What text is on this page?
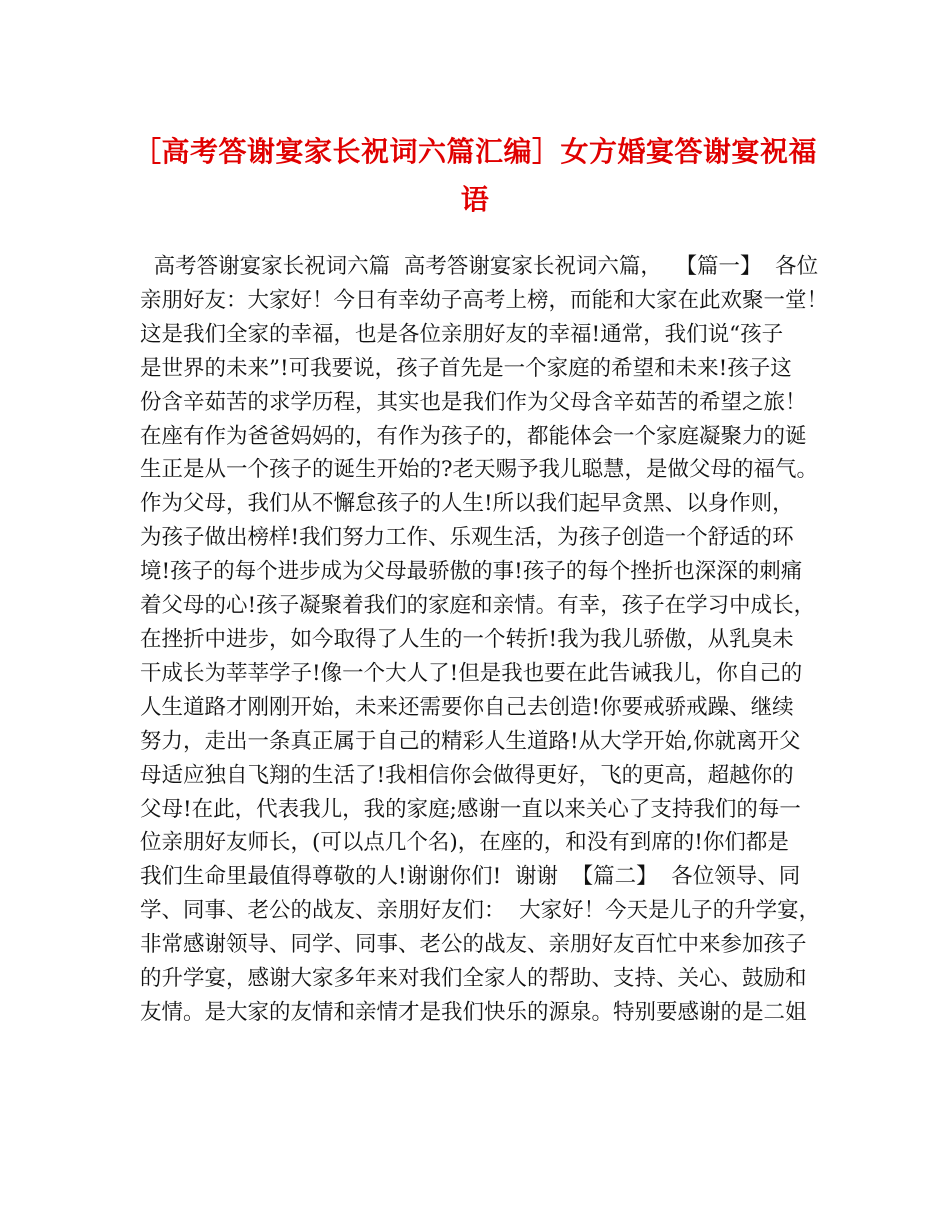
［高考答谢宴家长祝词六篇汇编］女方婚宴答谢宴祝福
语
高考答谢宴家长祝词六篇  高考答谢宴家长祝词六篇，  【篇一】  各位
亲朋好友：大家好！今日有幸幼子高考上榜，而能和大家在此欢聚一堂！
这是我们全家的幸福，也是各位亲朋好友的幸福!通常，我们说“孩子
是世界的未来”!可我要说，孩子首先是一个家庭的希望和未来!孩子这
份含辛茹苦的求学历程，其实也是我们作为父母含辛茹苦的希望之旅！
在座有作为爸爸妈妈的，有作为孩子的，都能体会一个家庭凝聚力的诞
生正是从一个孩子的诞生开始的?老天赐予我儿聪慧，是做父母的福气。
作为父母，我们从不懈怠孩子的人生!所以我们起早贪黑、以身作则，
为孩子做出榜样!我们努力工作、乐观生活，为孩子创造一个舒适的环
境!孩子的每个进步成为父母最骄傲的事!孩子的每个挫折也深深的刺痛
着父母的心!孩子凝聚着我们的家庭和亲情。有幸，孩子在学习中成长，
在挫折中进步，如今取得了人生的一个转折!我为我儿骄傲，从乳臭未
干成长为莘莘学子!像一个大人了!但是我也要在此告诫我儿，你自己的
人生道路才刚刚开始，未来还需要你自己去创造!你要戒骄戒躁、继续
努力，走出一条真正属于自己的精彩人生道路!从大学开始,你就离开父
母适应独自飞翔的生活了!我相信你会做得更好，飞的更高，超越你的
父母!在此，代表我儿，我的家庭;感谢一直以来关心了支持我们的每一
位亲朋好友师长，(可以点几个名)，在座的，和没有到席的!你们都是
我们生命里最值得尊敬的人!谢谢你们!  谢谢  【篇二】  各位领导、同
学、同事、老公的战友、亲朋好友们：  大家好！今天是儿子的升学宴，
非常感谢领导、同学、同事、老公的战友、亲朋好友百忙中来参加孩子
的升学宴，感谢大家多年来对我们全家人的帮助、支持、关心、鼓励和
友情。是大家的友情和亲情才是我们快乐的源泉。特别要感谢的是二姐
